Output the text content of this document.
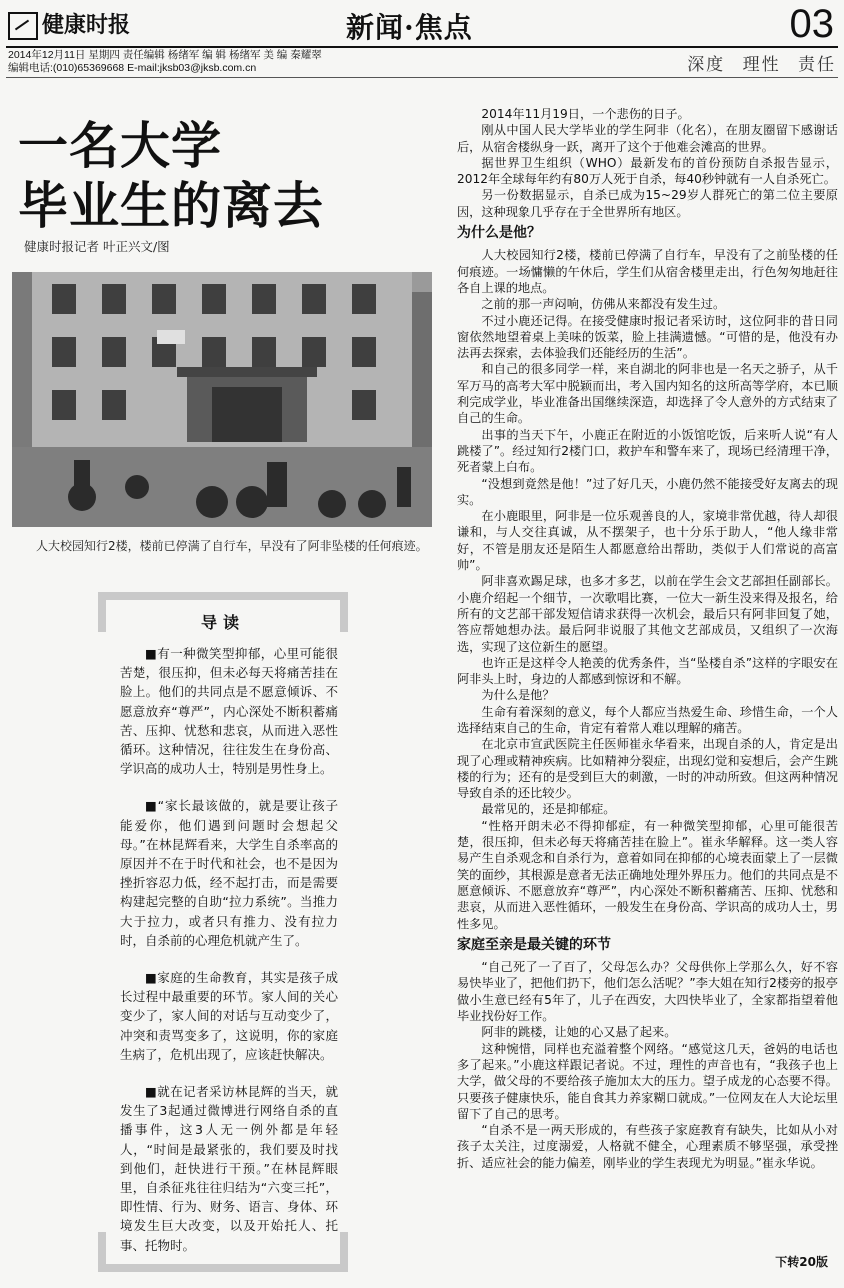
健康时报	新闻·焦点	03
2014年12月11日 星期四 责任编辑 杨绪军 编 辑 杨绪军 美 编 秦耀翠
编辑电话:(010)65369668 E-mail:jksb03@jksb.com.cn	深度 理性 责任
一名大学
毕业生的离去
健康时报记者 叶正兴文/图
人大校园知行2楼，楼前已停满了自行车，早没有了阿非坠楼的任何痕迹。
导读

■有一种微笑型抑郁，心里可能很苦楚，很压抑，但未必每天将痛苦挂在脸上。他们的共同点是不愿意倾诉、不愿意放弃“尊严”，内心深处不断积蓄痛苦、压抑、忧愁和悲哀，从而进入恶性循环。这种情况，往往发生在身份高、学识高的成功人士，特别是男性身上。

■“家长最该做的，就是要让孩子能爱你，他们遇到问题时会想起父母。”在林昆辉看来，大学生自杀率高的原因并不在于时代和社会，也不是因为挫折容忍力低，经不起打击，而是需要构建起完整的自助“拉力系统”。当推力大于拉力，或者只有推力、没有拉力时，自杀前的心理危机就产生了。

■家庭的生命教育，其实是孩子成长过程中最重要的环节。家人间的关心变少了，家人间的对话与互动变少了，冲突和责骂变多了，这说明，你的家庭生病了，危机出现了，应该赶快解决。

■就在记者采访林昆辉的当天，就发生了3起通过微博进行网络自杀的直播事件，这3人无一例外都是年轻人，“时间是最紧张的，我们要及时找到他们，赶快进行干预。”在林昆辉眼里，自杀征兆往往归结为“六变三托”，即性情、行为、财务、语言、身体、环境发生巨大改变，以及开始托人、托事、托物时。

2014年11月19日，一个悲伤的日子。

刚从中国人民大学毕业的学生阿非（化名），在朋友圈留下感谢话后，从宿舍楼纵身一跃，离开了这个于他难会滩高的世界。

据世界卫生组织（WHO）最新发布的首份预防自杀报告显示，2012年全球每年约有80万人死于自杀，每40秒钟就有一人自杀死亡。

另一份数据显示，自杀已成为15~29岁人群死亡的第二位主要原因，这种现象几乎存在于全世界所有地区。

为什么是他？

人大校园知行2楼，楼前已停满了自行车，早没有了之前坠楼的任何痕迹。一场慵懒的午休后，学生们从宿舍楼里走出，行色匆匆地赶往各自上课的地点。

之前的那一声闷响，仿佛从来都没有发生过。

不过小鹿还记得。在接受健康时报记者采访时，这位阿非的昔日同窗依然地望着桌上美味的饭菜，脸上挂满遗憾。“可惜的是，他没有办法再去探索，去体验我们还能经历的生活”。

和自己的很多同学一样，来自湖北的阿非也是一名天之骄子，从千军万马的高考大军中脱颖而出，考入国内知名的这所高等学府，本已顺利完成学业，毕业准备出国继续深造，却选择了令人意外的方式结束了自己的生命。

出事的当天下午，小鹿正在附近的小饭馆吃饭，后来听人说“有人跳楼了”。经过知行2楼门口，救护车和警车来了，现场已经清理干净，死者蒙上白布。

“没想到竟然是他！”过了好几天，小鹿仍然不能接受好友离去的现实。

在小鹿眼里，阿非是一位乐观善良的人，家境非常优越，待人却很谦和，与人交往真诚，从不摆架子，也十分乐于助人，“他人缘非常好，不管是朋友还是陌生人都愿意给出帮助，类似于人们常说的高富帅”。

阿非喜欢踢足球，也多才多艺，以前在学生会文艺部担任副部长。小鹿介绍起一个细节，一次歌唱比赛，一位大一新生没来得及报名，给所有的文艺部干部发短信请求获得一次机会，最后只有阿非回复了她，答应帮她想办法。最后阿非说服了其他文艺部成员，又组织了一次海选，实现了这位新生的愿望。

也许正是这样令人艳羡的优秀条件，当“坠楼自杀”这样的字眼安在阿非头上时，身边的人都感到惊讶和不解。

为什么是他？

生命有着深刻的意义，每个人都应当热爱生命、珍惜生命，一个人选择结束自己的生命，肯定有着常人难以理解的痛苦。

在北京市宣武医院主任医师崔永华看来，出现自杀的人，肯定是出现了心理或精神疾病。比如精神分裂症，出现幻觉和妄想后，会产生跳楼的行为；还有的是受到巨大的刺激，一时的冲动所致。但这两种情况导致自杀的还比较少。

最常见的，还是抑郁症。

“性格开朗未必不得抑郁症，有一种微笑型抑郁，心里可能很苦楚，很压抑，但未必每天将痛苦挂在脸上”。崔永华解释。这一类人容易产生自杀观念和自杀行为，意着如同在抑郁的心境表面蒙上了一层微笑的面纱，其根源是意者无法正确地处理外界压力。他们的共同点是不愿意倾诉、不愿意放弃“尊严”，内心深处不断积蓄痛苦、压抑、忧愁和悲哀，从而进入恶性循环，一般发生在身份高、学识高的成功人士，男性多见。

家庭至亲是最关键的环节

“自己死了一了百了，父母怎么办？父母供你上学那么久，好不容易快毕业了，把他们扔下，他们怎么活呢？”李大姐在知行2楼旁的报亭做小生意已经有5年了，儿子在西安，大四快毕业了，全家都指望着他毕业找份好工作。

阿非的跳楼，让她的心又悬了起来。

这种惋惜，同样也充溢着整个网络。“感觉这几天，爸妈的电话也多了起来。”小鹿这样跟记者说。不过，理性的声音也有，“我孩子也上大学，做父母的不要给孩子施加太大的压力。望子成龙的心态要不得。只要孩子健康快乐，能自食其力养家糊口就成。”一位网友在人大论坛里留下了自己的思考。

“自杀不是一两天形成的，有些孩子家庭教育有缺失，比如从小对孩子太关注，过度溺爱，人格就不健全，心理素质不够坚强，承受挫折、适应社会的能力偏差，刚毕业的学生表现尤为明显。”崔永华说。

下转20版
